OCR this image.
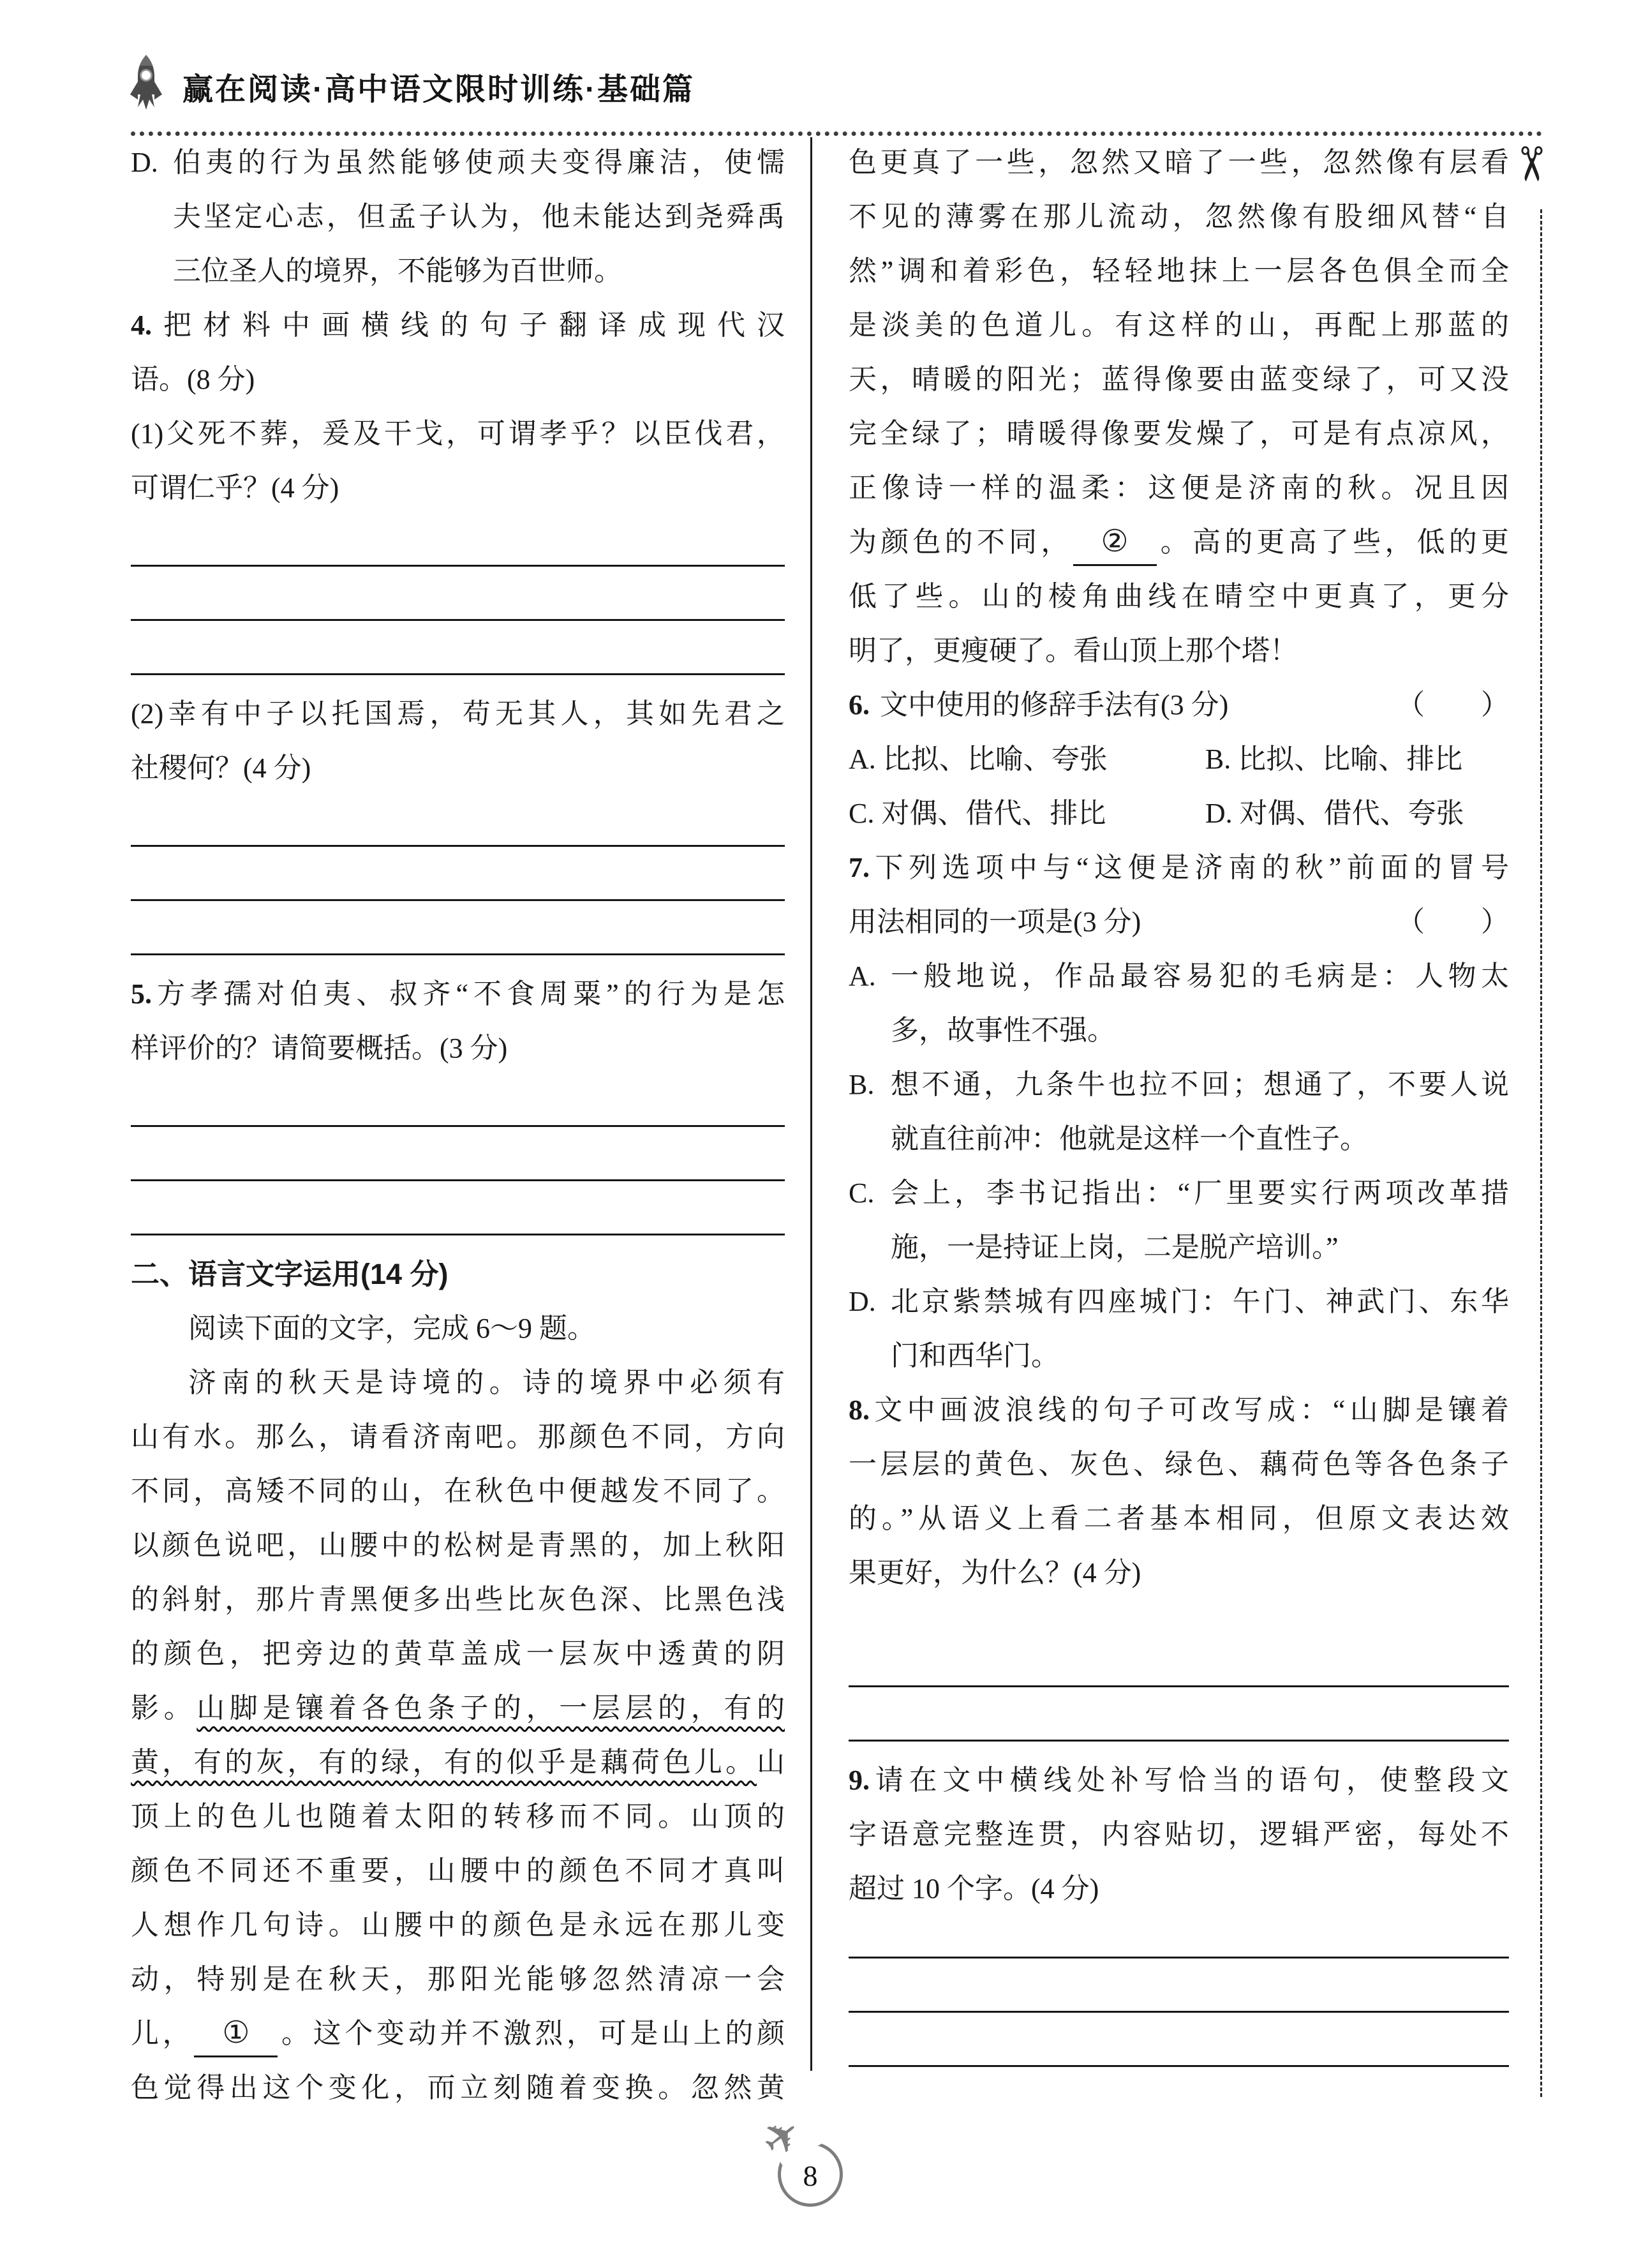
赢在阅读·高中语文限时训练·基础篇
✂
D. 伯夷的行为虽然能够使顽夫变得廉洁，使懦
夫坚定心志，但孟子认为，他未能达到尧舜禹
三位圣人的境界，不能够为百世师。
4.把材料中画横线的句子翻译成现代汉
语。(8 分)
(1)父死不葬，爰及干戈，可谓孝乎？以臣伐君，
可谓仁乎？(4 分)
(2)幸有中子以托国焉，苟无其人，其如先君之
社稷何？(4 分)
5.方孝孺对伯夷、叔齐“不食周粟”的行为是怎
样评价的？请简要概括。(3 分)
二、语言文字运用(14 分)
阅读下面的文字，完成 6～9 题。
济南的秋天是诗境的。诗的境界中必须有
山有水。那么，请看济南吧。那颜色不同，方向
不同，高矮不同的山，在秋色中便越发不同了。
以颜色说吧，山腰中的松树是青黑的，加上秋阳
的斜射，那片青黑便多出些比灰色深、比黑色浅
的颜色，把旁边的黄草盖成一层灰中透黄的阴
影。山脚是镶着各色条子的，一层层的，有的
黄，有的灰，有的绿，有的似乎是藕荷色儿。山
顶上的色儿也随着太阳的转移而不同。山顶的
颜色不同还不重要，山腰中的颜色不同才真叫
人想作几句诗。山腰中的颜色是永远在那儿变
动，特别是在秋天，那阳光能够忽然清凉一会
儿， ① 。这个变动并不激烈，可是山上的颜
色觉得出这个变化，而立刻随着变换。忽然黄
色更真了一些，忽然又暗了一些，忽然像有层看
不见的薄雾在那儿流动，忽然像有股细风替“自
然”调和着彩色，轻轻地抹上一层各色俱全而全
是淡美的色道儿。有这样的山，再配上那蓝的
天，晴暖的阳光；蓝得像要由蓝变绿了，可又没
完全绿了；晴暖得像要发燥了，可是有点凉风，
正像诗一样的温柔：这便是济南的秋。况且因
为颜色的不同， ② 。高的更高了些，低的更
低了些。山的棱角曲线在晴空中更真了，更分
明了，更瘦硬了。看山顶上那个塔！
6. 文中使用的修辞手法有(3 分)	（　　）
A. 比拟、比喻、夸张	B. 比拟、比喻、排比
C. 对偶、借代、排比	D. 对偶、借代、夸张
7.下列选项中与“这便是济南的秋”前面的冒号
用法相同的一项是(3 分)	（　　）
A. 一般地说，作品最容易犯的毛病是：人物太
多，故事性不强。
B. 想不通，九条牛也拉不回；想通了，不要人说
就直往前冲：他就是这样一个直性子。
C. 会上，李书记指出：“厂里要实行两项改革措
施，一是持证上岗，二是脱产培训。”
D. 北京紫禁城有四座城门：午门、神武门、东华
门和西华门。
8.文中画波浪线的句子可改写成：“山脚是镶着
一层层的黄色、灰色、绿色、藕荷色等各色条子
的。”从语义上看二者基本相同，但原文表达效
果更好，为什么？(4 分)
9.请在文中横线处补写恰当的语句，使整段文
字语意完整连贯，内容贴切，逻辑严密，每处不
超过 10 个字。(4 分)
8
✈
